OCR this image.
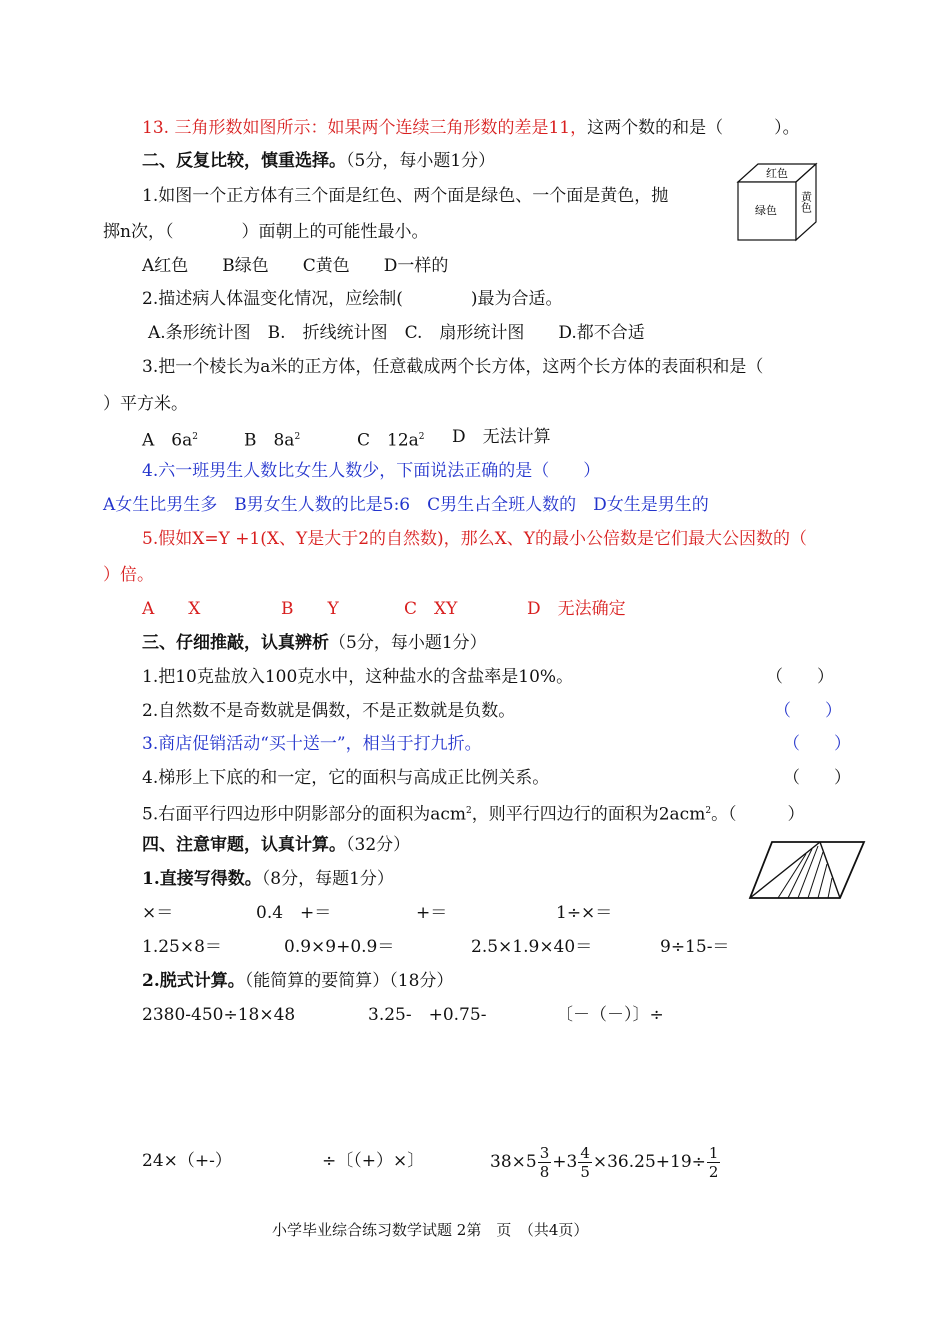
13. 三角形数如图所示：如果两个连续三角形数的差是11，这两个数的和是（　　　）。
二、反复比较，慎重选择。（5分，每小题1分）
1.如图一个正方体有三个面是红色、两个面是绿色、一个面是黄色，抛
掷n次，（　　　　）面朝上的可能性最小。
A红色　　B绿色　　C黄色　　D一样的
2.描述病人体温变化情况，应绘制(　　　　)最为合适。
A.条形统计图　B.　折线统计图　C.　扇形统计图　　D.都不合适
3.把一个棱长为a米的正方体，任意截成两个长方体，这两个长方体的表面积和是（
）平方米。
A　$6a^2$	B　$8a^2$	C　$12a^2$ D　无法计算
4.六一班男生人数比女生人数少，下面说法正确的是（　　）
A女生比男生多　B男女生人数的比是5:6　C男生占全班人数的　D女生是男生的
5.假如X=Y +1(X、Y是大于2的自然数)，那么X、Y的最小公倍数是它们最大公因数的（
）倍。
A　　X	B　　Y	C　XY	D　无法确定
红色
绿色 黄色
三、仔细推敲，认真辨析（5分，每小题1分）
1.把10克盐放入100克水中，这种盐水的含盐率是10%。	（　　）
2.自然数不是奇数就是偶数，不是正数就是负数。	（　　）
3.商店促销活动“买十送一”，相当于打九折。	（　　）
4.梯形上下底的和一定，它的面积与高成正比例关系。	（　　）
5.右面平行四边形中阴影部分的面积为acm$^2$，则平行四边行的面积为2acm$^2$。（　　　）
四、注意审题，认真计算。（32分）
1.直接写得数。（8分，每题1分）
×＝	0.4　+＝	+＝	1÷×＝
1.25×8＝	0.9×9+0.9＝	2.5×1.9×40＝	9÷15-＝
2.脱式计算。（能简算的要简算）（18分）
2380-450÷18×48	3.25-　+0.75-	〔－（－）〕÷
24×（+-）	÷〔（+）×〕	$38\times 5 \frac{3}{8} +3 \frac{4}{5} \times 36.25+19\div \frac{1}{2}$
小学毕业综合练习数学试题 2第　页　（共4页）
